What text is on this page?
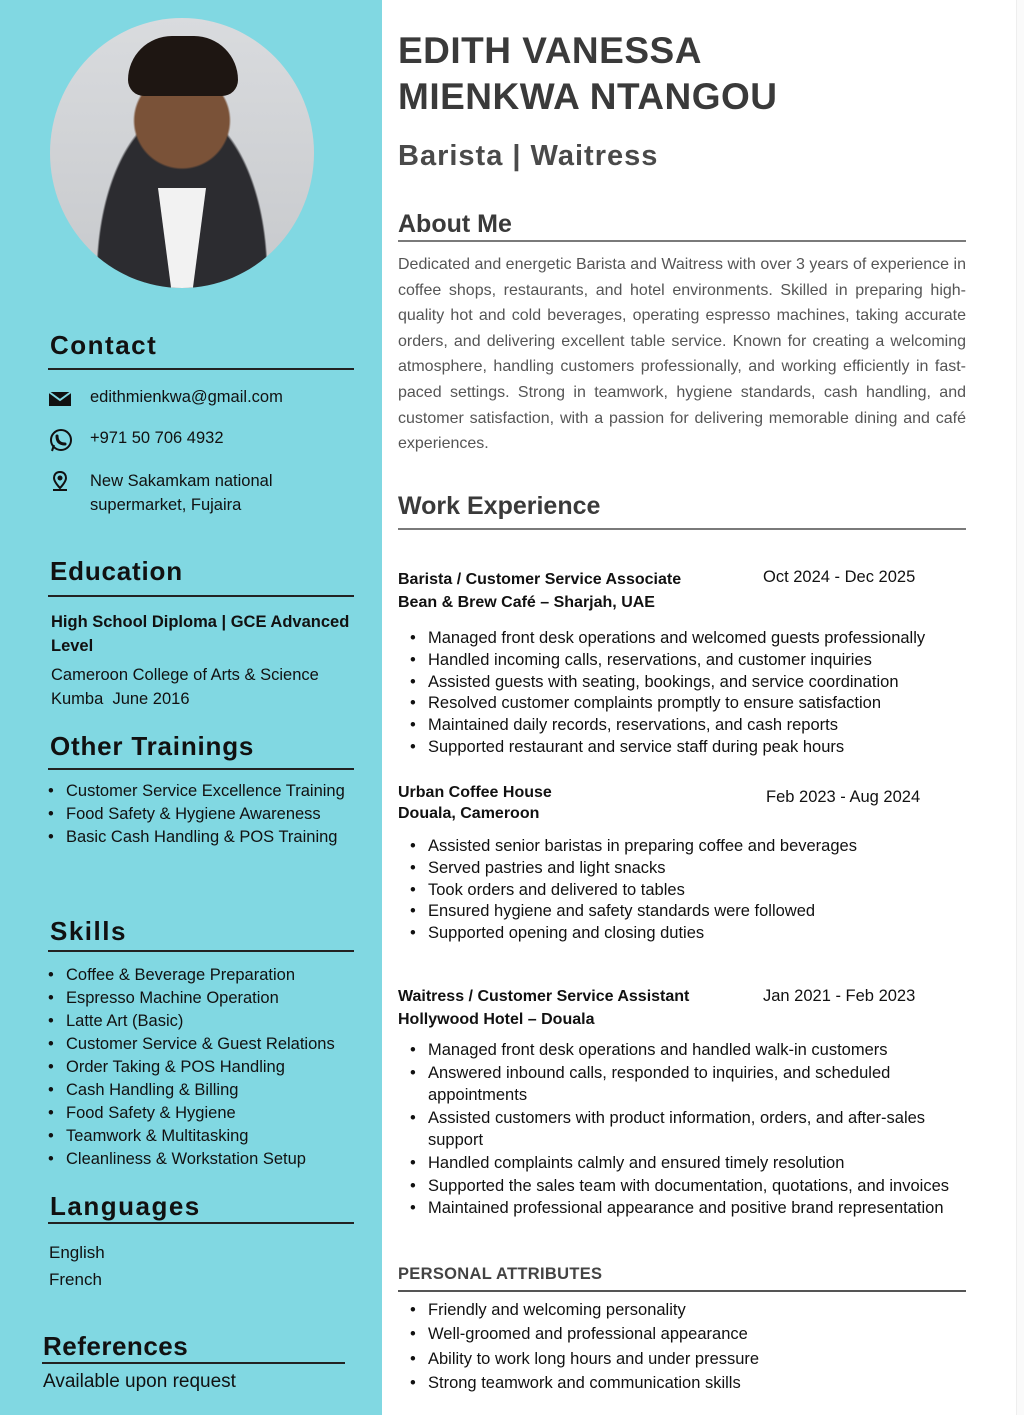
Contact
edithmienkwa@gmail.com
+971 50 706 4932
New Sakamkam national supermarket, Fujaira
Education
High School Diploma | GCE Advanced Level
Cameroon College of Arts & Science
Kumba  June 2016
Other Trainings
• Customer Service Excellence Training
• Food Safety & Hygiene Awareness
• Basic Cash Handling & POS Training
Skills
• Coffee & Beverage Preparation
• Espresso Machine Operation
• Latte Art (Basic)
• Customer Service & Guest Relations
• Order Taking & POS Handling
• Cash Handling & Billing
• Food Safety & Hygiene
• Teamwork & Multitasking
• Cleanliness & Workstation Setup
Languages
English
French
References
Available upon request
EDITH VANESSA MIENKWA NTANGOU
Barista | Waitress
About Me
Dedicated and energetic Barista and Waitress with over 3 years of experience in coffee shops, restaurants, and hotel environments. Skilled in preparing high-quality hot and cold beverages, operating espresso machines, taking accurate orders, and delivering excellent table service. Known for creating a welcoming atmosphere, handling customers professionally, and working efficiently in fast-paced settings. Strong in teamwork, hygiene standards, cash handling, and customer satisfaction, with a passion for delivering memorable dining and café experiences.
Work Experience
Barista / Customer Service Associate
Bean & Brew Café – Sharjah, UAE
Oct 2024 - Dec 2025
• Managed front desk operations and welcomed guests professionally
• Handled incoming calls, reservations, and customer inquiries
• Assisted guests with seating, bookings, and service coordination
• Resolved customer complaints promptly to ensure satisfaction
• Maintained daily records, reservations, and cash reports
• Supported restaurant and service staff during peak hours
Urban Coffee House
Douala, Cameroon
Feb 2023 - Aug 2024
• Assisted senior baristas in preparing coffee and beverages
• Served pastries and light snacks
• Took orders and delivered to tables
• Ensured hygiene and safety standards were followed
• Supported opening and closing duties
Waitress / Customer Service Assistant
Hollywood Hotel – Douala
Jan 2021 - Feb 2023
• Managed front desk operations and handled walk-in customers
• Answered inbound calls, responded to inquiries, and scheduled appointments
• Assisted customers with product information, orders, and after-sales support
• Handled complaints calmly and ensured timely resolution
• Supported the sales team with documentation, quotations, and invoices
• Maintained professional appearance and positive brand representation
PERSONAL ATTRIBUTES
• Friendly and welcoming personality
• Well-groomed and professional appearance
• Ability to work long hours and under pressure
• Strong teamwork and communication skills
